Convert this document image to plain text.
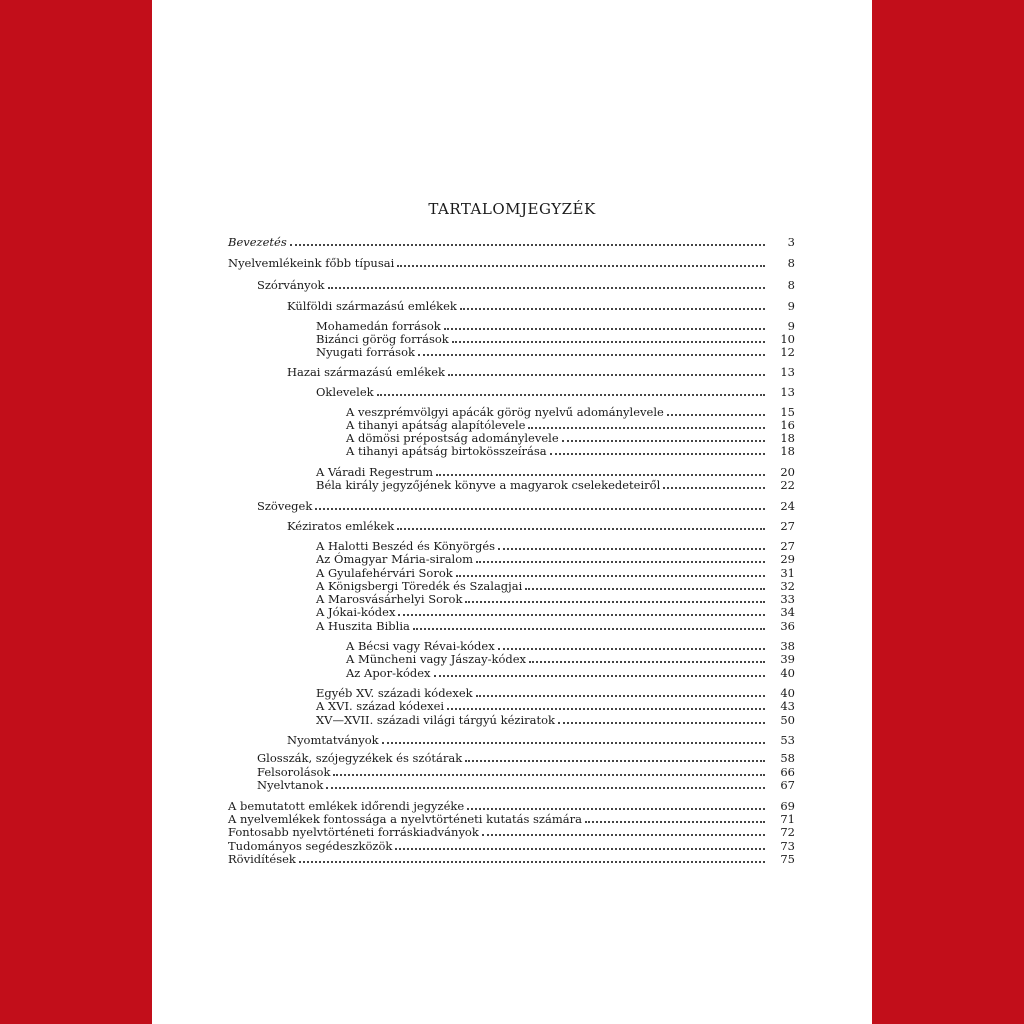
TARTALOMJEGYZÉK
Bevezetés	3
Nyelvemlékeink főbb típusai	8
Szórványok	8
Külföldi származású emlékek	9
Mohamedán források	9
Bizánci görög források	10
Nyugati források	12
Hazai származású emlékek	13
Oklevelek	13
A veszprémvölgyi apácák görög nyelvű adománylevele	15
A tihanyi apátság alapítólevele	16
A dömösi prépostság adománylevele	18
A tihanyi apátság birtokösszeírása	18
A Váradi Regestrum	20
Béla király jegyzőjének könyve a magyarok cselekedeteiről	22
Szövegek	24
Kéziratos emlékek	27
A Halotti Beszéd és Könyörgés	27
Az Ómagyar Mária-siralom	29
A Gyulafehérvári Sorok	31
A Königsbergi Töredék és Szalagjai	32
A Marosvásárhelyi Sorok	33
A Jókai-kódex	34
A Huszita Biblia	36
A Bécsi vagy Révai-kódex	38
A Müncheni vagy Jászay-kódex	39
Az Apor-kódex	40
Egyéb XV. századi kódexek	40
A XVI. század kódexei	43
XV—XVII. századi világi tárgyú kéziratok	50
Nyomtatványok	53
Glosszák, szójegyzékek és szótárak	58
Felsorolások	66
Nyelvtanok	67
A bemutatott emlékek időrendi jegyzéke	69
A nyelvemlékek fontossága a nyelvtörténeti kutatás számára	71
Fontosabb nyelvtörténeti forráskiadványok	72
Tudományos segédeszközök	73
Rövidítések	75
